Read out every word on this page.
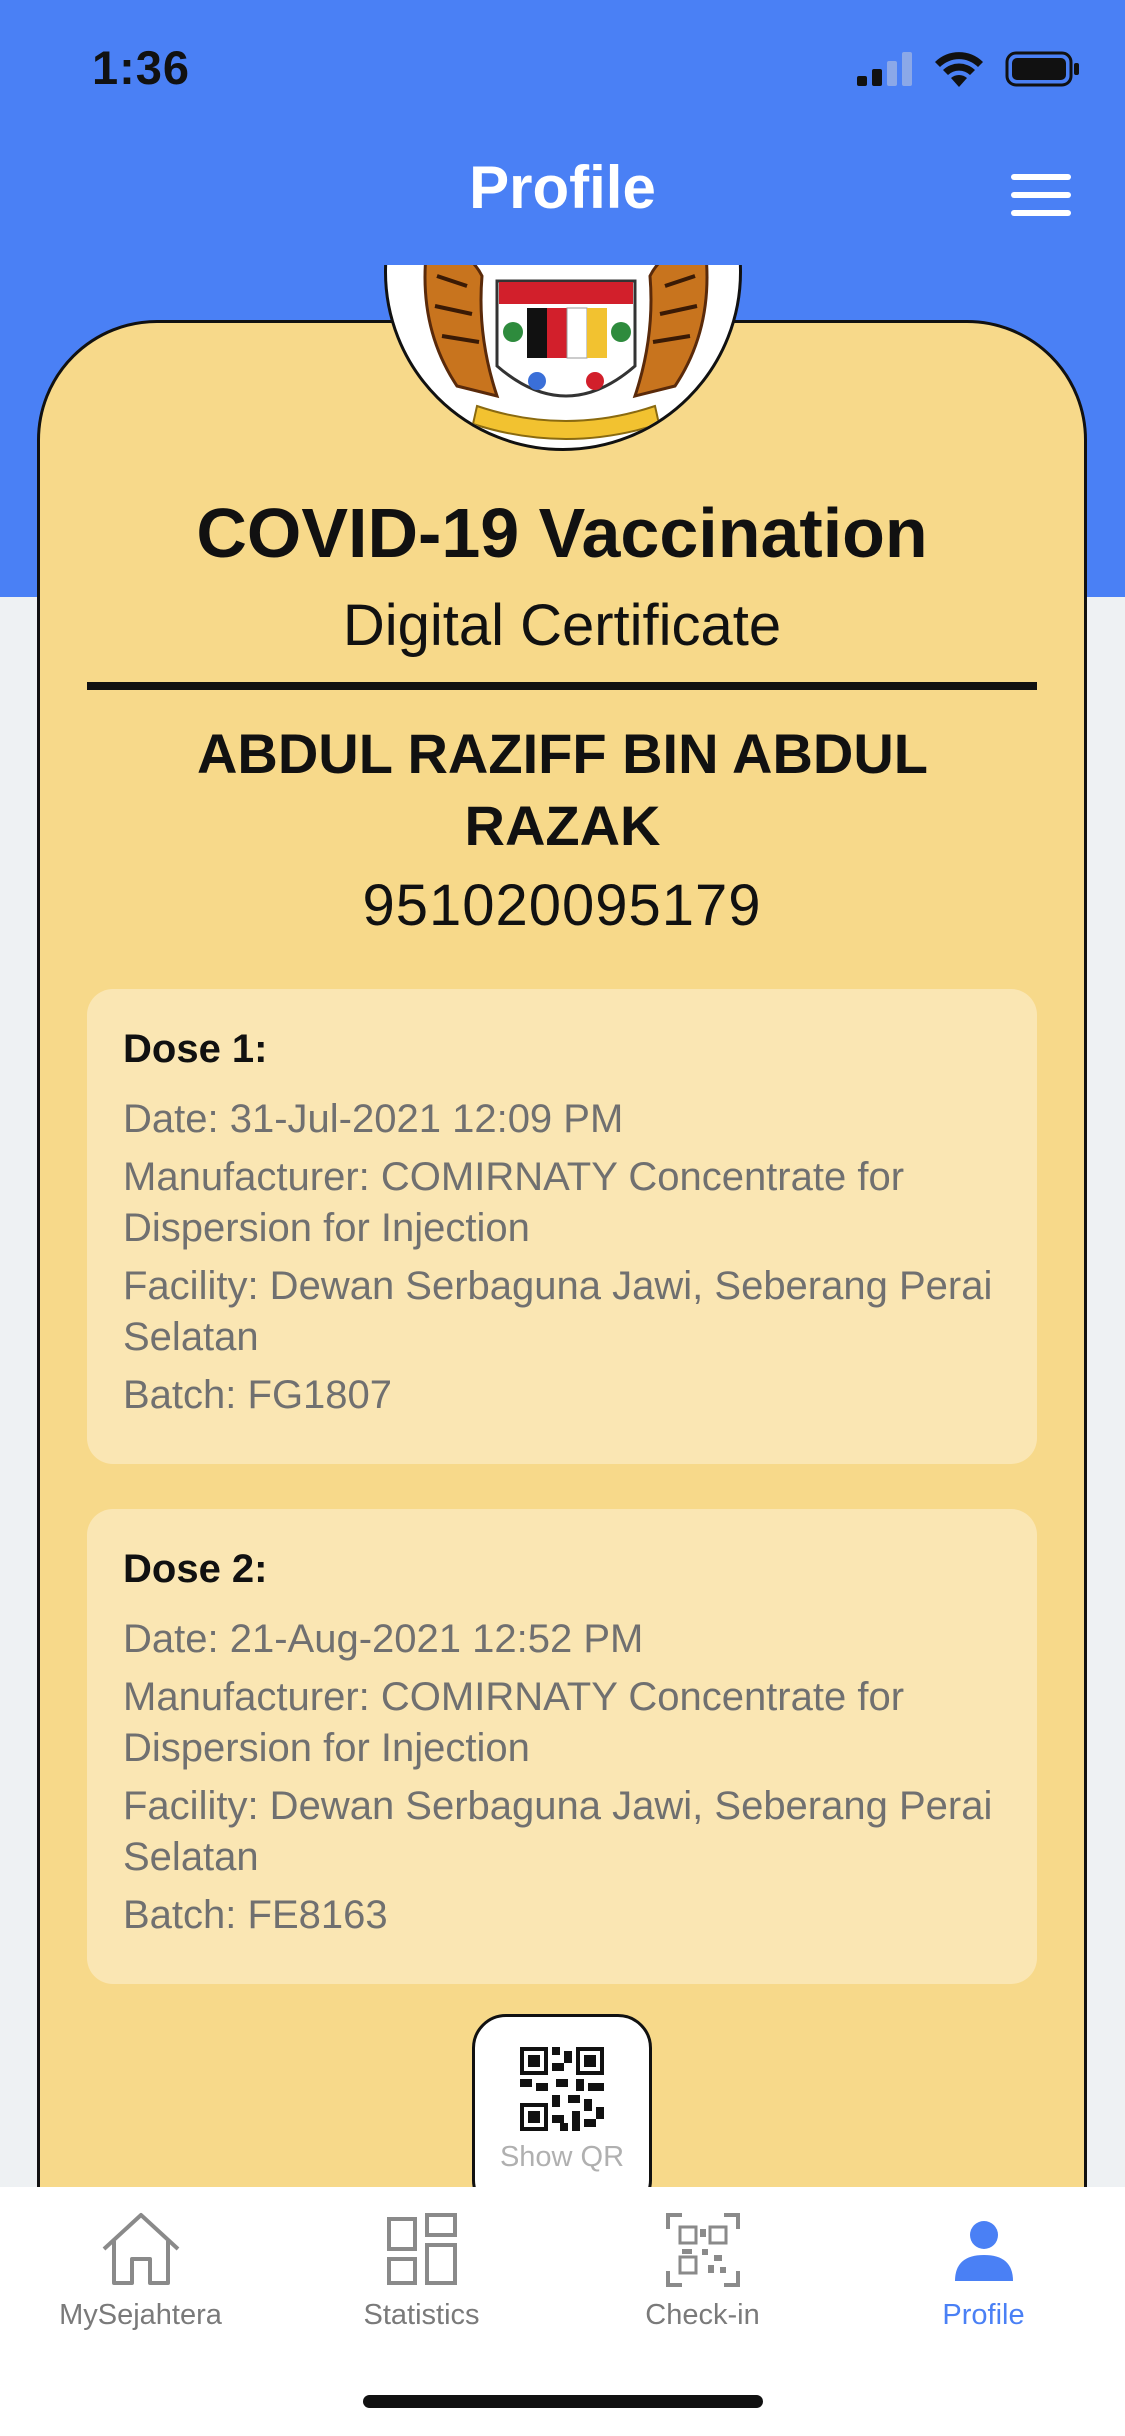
1:36
Profile
COVID-19 Vaccination
Digital Certificate
ABDUL RAZIFF BIN ABDUL RAZAK
951020095179
Dose 1:
Date: 31-Jul-2021 12:09 PM
Manufacturer: COMIRNATY Concentrate for Dispersion for Injection
Facility: Dewan Serbaguna Jawi, Seberang Perai Selatan
Batch: FG1807
Dose 2:
Date: 21-Aug-2021 12:52 PM
Manufacturer: COMIRNATY Concentrate for Dispersion for Injection
Facility: Dewan Serbaguna Jawi, Seberang Perai Selatan
Batch: FE8163
Show QR
MySejahtera	Statistics	Check-in	Profile
